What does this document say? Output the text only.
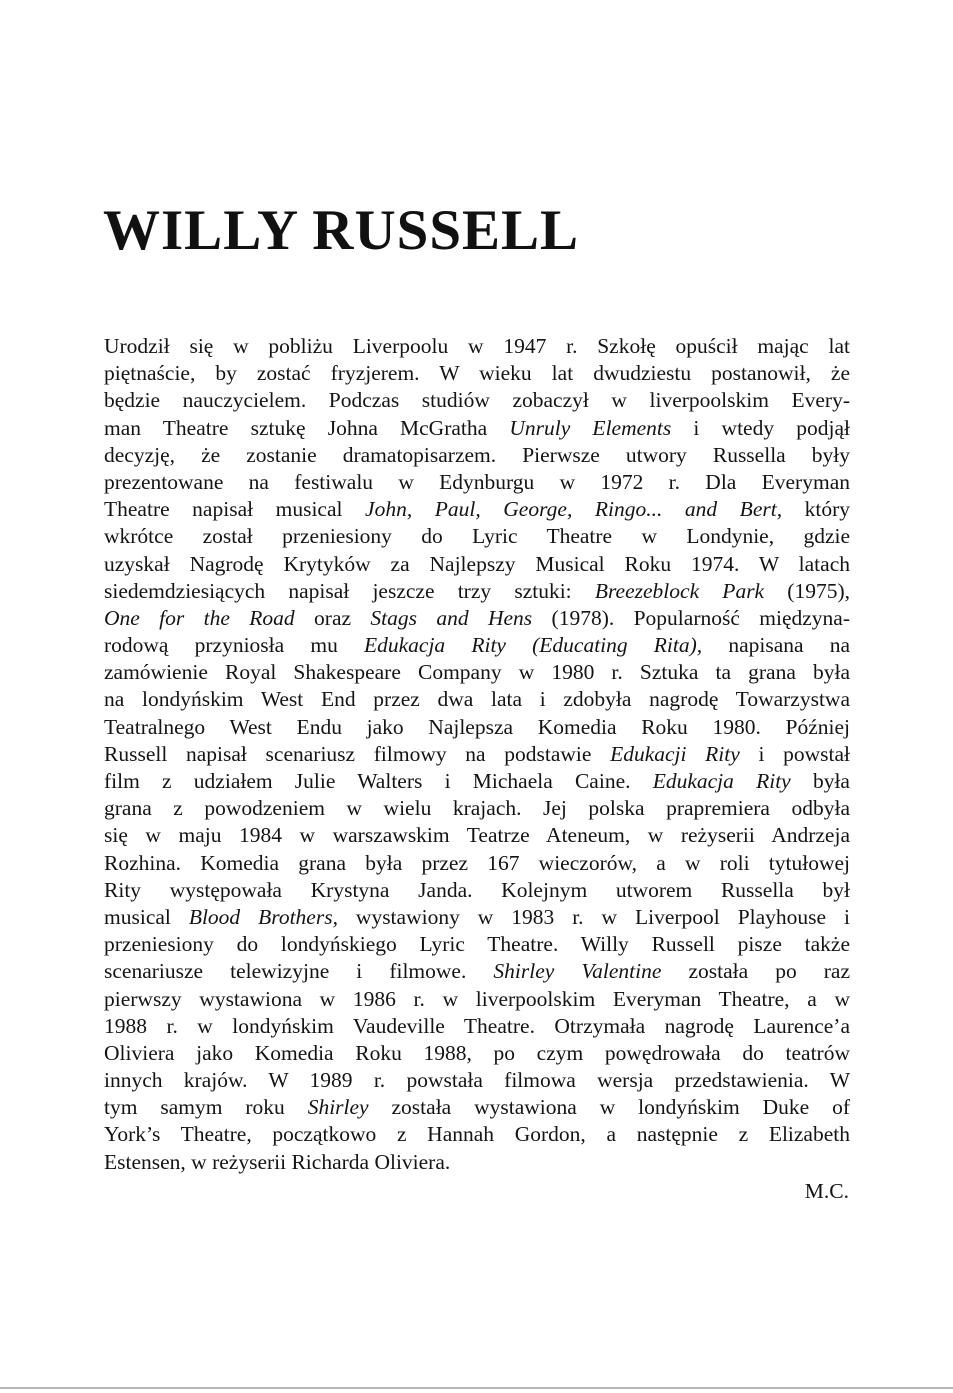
WILLY RUSSELL
Urodził się w pobliżu Liverpoolu w 1947 r. Szkołę opuścił mając lat
piętnaście, by zostać fryzjerem. W wieku lat dwudziestu postanowił, że
będzie nauczycielem. Podczas studiów zobaczył w liverpoolskim Every-
man Theatre sztukę Johna McGratha Unruly Elements i wtedy podjął
decyzję, że zostanie dramatopisarzem. Pierwsze utwory Russella były
prezentowane na festiwalu w Edynburgu w 1972 r. Dla Everyman
Theatre napisał musical John, Paul, George, Ringo... and Bert, który
wkrótce został przeniesiony do Lyric Theatre w Londynie, gdzie
uzyskał Nagrodę Krytyków za Najlepszy Musical Roku 1974. W latach
siedemdziesiących napisał jeszcze trzy sztuki: Breezeblock Park (1975),
One for the Road oraz Stags and Hens (1978). Popularność międzyna-
rodową przyniosła mu Edukacja Rity (Educating Rita), napisana na
zamówienie Royal Shakespeare Company w 1980 r. Sztuka ta grana była
na londyńskim West End przez dwa lata i zdobyła nagrodę Towarzystwa
Teatralnego West Endu jako Najlepsza Komedia Roku 1980. Później
Russell napisał scenariusz filmowy na podstawie Edukacji Rity i powstał
film z udziałem Julie Walters i Michaela Caine. Edukacja Rity była
grana z powodzeniem w wielu krajach. Jej polska prapremiera odbyła
się w maju 1984 w warszawskim Teatrze Ateneum, w reżyserii Andrzeja
Rozhina. Komedia grana była przez 167 wieczorów, a w roli tytułowej
Rity występowała Krystyna Janda. Kolejnym utworem Russella był
musical Blood Brothers, wystawiony w 1983 r. w Liverpool Playhouse i
przeniesiony do londyńskiego Lyric Theatre. Willy Russell pisze także
scenariusze telewizyjne i filmowe. Shirley Valentine została po raz
pierwszy wystawiona w 1986 r. w liverpoolskim Everyman Theatre, a w
1988 r. w londyńskim Vaudeville Theatre. Otrzymała nagrodę Laurence’a
Oliviera jako Komedia Roku 1988, po czym powędrowała do teatrów
innych krajów. W 1989 r. powstała filmowa wersja przedstawienia. W
tym samym roku Shirley została wystawiona w londyńskim Duke of
York’s Theatre, początkowo z Hannah Gordon, a następnie z Elizabeth
Estensen, w reżyserii Richarda Oliviera.

M.C.
